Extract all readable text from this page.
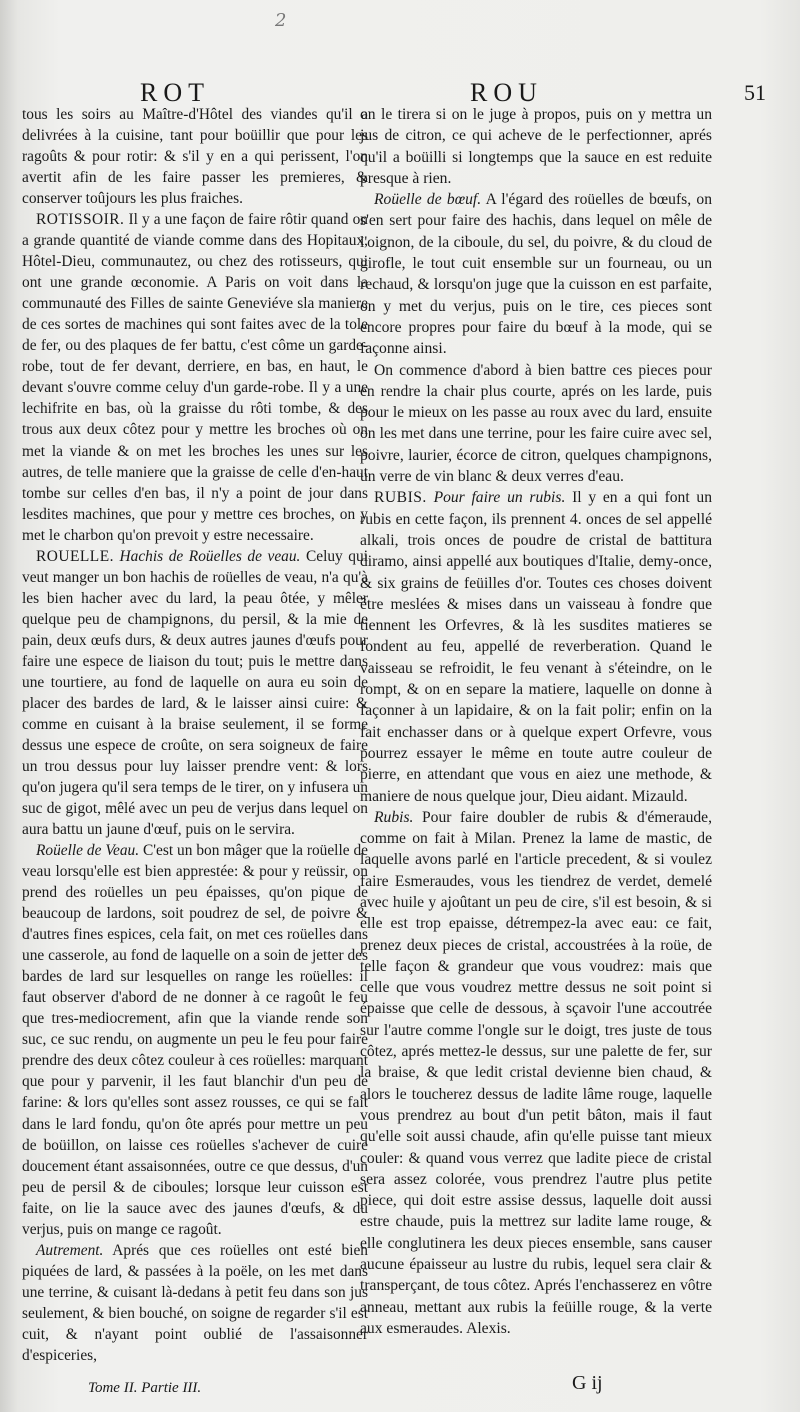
2
ROT	ROU	51

tous les soirs au Maître-d'Hôtel des viandes qu'il a delivrées à la cuisine, tant pour boüillir que pour les ragoûts & pour rotir: & s'il y en a qui perissent, l'on avertit afin de les faire passer les premieres, & conserver toûjours les plus fraiches.

ROTISSOIR. Il y a une façon de faire rôtir quand on a grande quantité de viande comme dans des Hopitaux, Hôtel-Dieu, communautez, ou chez des rotisseurs, qui ont une grande œconomie. A Paris on voit dans la communauté des Filles de sainte Geneviéve sla maniere de ces sortes de machines qui sont faites avec de la tole de fer, ou des plaques de fer battu, c'est côme un garde-robe, tout de fer devant, derriere, en bas, en haut, le devant s'ouvre comme celuy d'un garde-robe. Il y a une lechifrite en bas, où la graisse du rôti tombe, & des trous aux deux côtez pour y mettre les broches où on met la viande & on met les broches les unes sur les autres, de telle maniere que la graisse de celle d'en-haut tombe sur celles d'en bas, il n'y a point de jour dans lesdites machines, que pour y mettre ces broches, on y met le charbon qu'on prevoit y estre necessaire.

ROUELLE. Hachis de Roüelles de veau. Celuy qui veut manger un bon hachis de roüelles de veau, n'a qu'à les bien hacher avec du lard, la peau ôtée, y mêler quelque peu de champignons, du persil, & la mie de pain, deux œufs durs, & deux autres jaunes d'œufs pour faire une espece de liaison du tout; puis le mettre dans une tourtiere, au fond de laquelle on aura eu soin de placer des bardes de lard, & le laisser ainsi cuire: & comme en cuisant à la braise seulement, il se forme dessus une espece de croûte, on sera soigneux de faire un trou dessus pour luy laisser prendre vent: & lors qu'on jugera qu'il sera temps de le tirer, on y infusera un suc de gigot, mêlé avec un peu de verjus dans lequel on aura battu un jaune d'œuf, puis on le servira.

Roüelle de Veau. C'est un bon mâger que la roüelle de veau lorsqu'elle est bien apprestée: & pour y reüssir, on prend des roüelles un peu épaisses, qu'on pique de beaucoup de lardons, soit poudrez de sel, de poivre & d'autres fines espices, cela fait, on met ces roüelles dans une casserole, au fond de laquelle on a soin de jetter des bardes de lard sur lesquelles on range les roüelles: il faut observer d'abord de ne donner à ce ragoût le feu que tres-mediocrement, afin que la viande rende son suc, ce suc rendu, on augmente un peu le feu pour faire prendre des deux côtez couleur à ces roüelles: marquant que pour y parvenir, il les faut blanchir d'un peu de farine: & lors qu'elles sont assez rousses, ce qui se fait dans le lard fondu, qu'on ôte aprés pour mettre un peu de boüillon, on laisse ces roüelles s'achever de cuire doucement étant assaisonnées, outre ce que dessus, d'un peu de persil & de ciboules; lorsque leur cuisson est faite, on lie la sauce avec des jaunes d'œufs, & du verjus, puis on mange ce ragoût.

Autrement. Aprés que ces roüelles ont esté bien piquées de lard, & passées à la poële, on les met dans une terrine, & cuisant là-dedans à petit feu dans son jus seulement, & bien bouché, on soigne de regarder s'il est cuit, & n'ayant point oublié de l'assaisonner d'espiceries,

on le tirera si on le juge à propos, puis on y mettra un jus de citron, ce qui acheve de le perfectionner, aprés qu'il a boüilli si longtemps que la sauce en est reduite presque à rien.

Roüelle de bœuf. A l'égard des roüelles de bœufs, on s'en sert pour faire des hachis, dans lequel on mêle de l'oignon, de la ciboule, du sel, du poivre, & du cloud de girofle, le tout cuit ensemble sur un fourneau, ou un rechaud, & lorsqu'on juge que la cuisson en est parfaite, on y met du verjus, puis on le tire, ces pieces sont encore propres pour faire du bœuf à la mode, qui se façonne ainsi.

On commence d'abord à bien battre ces pieces pour en rendre la chair plus courte, aprés on les larde, puis pour le mieux on les passe au roux avec du lard, ensuite on les met dans une terrine, pour les faire cuire avec sel, poivre, laurier, écorce de citron, quelques champignons, un verre de vin blanc & deux verres d'eau.

RUBIS. Pour faire un rubis. Il y en a qui font un rubis en cette façon, ils prennent 4. onces de sel appellé alkali, trois onces de poudre de cristal de battitura diramo, ainsi appellé aux boutiques d'Italie, demy-once, & six grains de feüilles d'or. Toutes ces choses doivent être meslées & mises dans un vaisseau à fondre que tiennent les Orfevres, & là les susdites matieres se fondent au feu, appellé de reverberation. Quand le vaisseau se refroidit, le feu venant à s'éteindre, on le rompt, & on en separe la matiere, laquelle on donne à façonner à un lapidaire, & on la fait polir; enfin on la fait enchasser dans or à quelque expert Orfevre, vous pourrez essayer le même en toute autre couleur de pierre, en attendant que vous en aiez une methode, & maniere de nous quelque jour, Dieu aidant. Mizauld.

Rubis. Pour faire doubler de rubis & d'émeraude, comme on fait à Milan. Prenez la lame de mastic, de laquelle avons parlé en l'article precedent, & si voulez faire Esmeraudes, vous les tiendrez de verdet, demelé avec huile y ajoûtant un peu de cire, s'il est besoin, & si elle est trop epaisse, détrempez-la avec eau: ce fait, prenez deux pieces de cristal, accoustrées à la roüe, de telle façon & grandeur que vous voudrez: mais que celle que vous voudrez mettre dessus ne soit point si épaisse que celle de dessous, à sçavoir l'une accoutrée sur l'autre comme l'ongle sur le doigt, tres juste de tous côtez, aprés mettez-le dessus, sur une palette de fer, sur la braise, & que ledit cristal devienne bien chaud, & alors le toucherez dessus de ladite lâme rouge, laquelle vous prendrez au bout d'un petit bâton, mais il faut qu'elle soit aussi chaude, afin qu'elle puisse tant mieux couler: & quand vous verrez que ladite piece de cristal sera assez colorée, vous prendrez l'autre plus petite piece, qui doit estre assise dessus, laquelle doit aussi estre chaude, puis la mettrez sur ladite lame rouge, & elle conglutinera les deux pieces ensemble, sans causer aucune épaisseur au lustre du rubis, lequel sera clair & transperçant, de tous côtez. Aprés l'enchasserez en vôtre anneau, mettant aux rubis la feüille rouge, & la verte aux esmeraudes. Alexis.

Tome II. Partie III.	G ij
